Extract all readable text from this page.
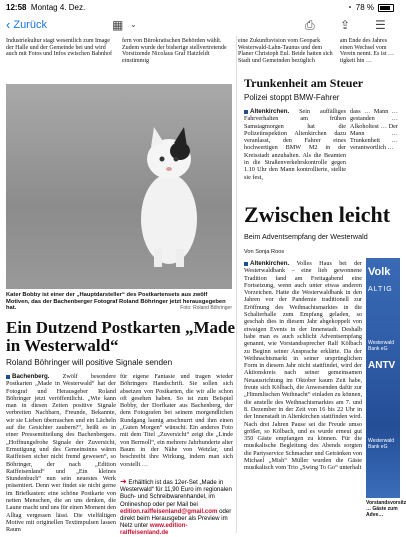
12:58 Montag 4. Dez.	◔ 78 %
‹ Zurück	▦ ⌄	⎙ ⇪ ☰
Industriekultur stagt wesentlich zum Image der Halle und der Gemeinde bei und wird auch mit Fotos und Infos zwischen Bahnhof
fern von Bürokratischen Behörden wählt. Zudem wurde der bisherige stellvertretende Vorsitzende Nicolaus Graf Hatzfeldt einstimmig
Kater Bobby ist einer der „Hauptdarsteller“ des Postkartensets aus zwölf Motiven, das der Bachenberger Fotograf Roland Böhringer jetzt herausgegeben hat.	Foto: Roland Böhringer
Ein Dutzend Postkarten „Made in Westerwald“
Roland Böhringer will positive Signale senden
Bachenberg. Zwölf besondere Postkarten „Made in Westerwald“ hat der Fotograf und Herausgeber Roland Böhringer jetzt veröffentlicht. „Wie kann man in diesen Zeiten positive Signale verbreiten Nachbarn, Freunde, Bekannte, wir sie Lieben überraschen und ein Lächeln auf die Gesichter zaubern?“, heißt es in einer Pressemitteilung des Bachenbergers. „Hoffnungsfrohe Signale der Zuversicht, Ermutigung und des Gemeinsinns wären Raiffeisen sicher nicht fremd gewesen“, so Böhringer, der nach „Edition Raiffeisenland“ und „Ein kleines Stundenbuch“ nun sein neuestes Werk präsentiert. Denn wer findet sie nicht gerne im Briefkasten: eine schöne Postkarte von netten Menschen, die an uns denken, die Laune macht und uns für einen Moment den Alltag vergessen lässt. Die vielfältigen Motive mit originellen Textimpulsen lassen Raum
für eigene Fantasie und tragen wieder Böhringers Handschrift. Sie sollen sich absetzen von Postkarten, die wir alle schon oft gesehen haben. So ist zum Beispiel Bobby, der Dorfkater aus Bachenberg, der dem Fotografen bei seinem morgendlichen Rundgang launig anschnurrt und ihm einen „Guten Morgen“ wünscht. Ein anderes Foto mit dem Titel „Zuversicht“ zeigt die „Linde von Bermoll“, ein mehrere Jahrhunderte alter Baum in der Nähe von Wetzlar, und beschreibt ihre Wirkung, indem man sich vorstellt …
➜ Erhältlich ist das 12er-Set „Made in Westerwald“ für 11,90 Euro im regionalen Buch- und Schreibwarenhandel, im Onlineshop oder per Mail bei edition.raiffeisenland@gmail.com oder direkt beim Herausgeber als Preview im Netz unter www.edition-raiffeisenland.de
eine Zukunftsvision vom Geopark Westerwald-Lahn-Taunus und dem Planer Christoph Eul. Beide hatten sich Stadt und Gemeinden bezüglich
am Ende des Jahres einen Wechsel vom Verein nennt. Es ist … tigkeit hin …
Trunkenheit am Steuer
Polizei stoppt BMW-Fahrer
Altenkirchen. Sein auffälliges Fahrverhalten am frühen Samstagmorgen hat die Polizeiinspektion Altenkirchen dazu veranlasst, den Fahrer eines hochwertigen BMW M2 in der Kreisstadt anzuhalten. Als die Beamten in die Straßenverkehrskontrolle gegen 1.10 Uhr den Mann kontrollierte, stellte sie fest,
dass … Mann … gestanden … Alkoholtest … Der Mann … Trunkenheit … verantwortlich …
Zwischen leicht
Beim Adventsempfang der Westerwald
Von Sonja Roos
Altenkirchen. Volles Haus bei der Westerwaldbank – eine lieb gewonnene Tradition fand am Freitagabend eine Fortsetzung, wenn auch unter etwas anderen Vorzeichen. Hatte die Westerwaldbank in den Jahren vor der Pandemie traditionell zur Eröffnung des Weihnachtsmarktes in die Schalterhalle zum Empfang geladen, so geschah dies in diesem Jahr abgekoppelt von etwaigen Events in der Innenstadt. Deshalb habe man es auch schlicht Adventsempfang genannt, wie Vorstandssprecher Ralf Kölbach zu Beginn seiner Ansprache erklärte. Da der Weihnachtsmarkt in seiner ursprünglichen Form in diesem Jahr nicht stattfindet, wird der Aktionskreis nach seiner gemeinsamen Neuausrichtung im Oktober kaum Zeit habe, freute sich Kölbach, die Anwesenden dafür zur „Himmlischen Weihnacht“ einladen zu können, die anstelle des Weihnachtsmarktes am 7. und 8. Dezember in der Zeit von 16 bis 22 Uhr in der Innenstadt in Altenkirchen stattfinden wird. Nach drei Jahren Pause sei die Freude umso größer, so Kölbach, und es wurde erneut gut 350 Gäste empfangen zu können. Für die musikalische Begleitung des Abends sorgten die Partyservice Schmacher und Getränken von Michael „Mish“ Müller wurden die Gäste musikalisch vom Trio „Swing To Go“ unterhalt
Volk
ALTIG
Westerwald Bank eG
ANTV
Westerwald Bank eG
Vorstandsvorsitz … Gäste zum Adve…
